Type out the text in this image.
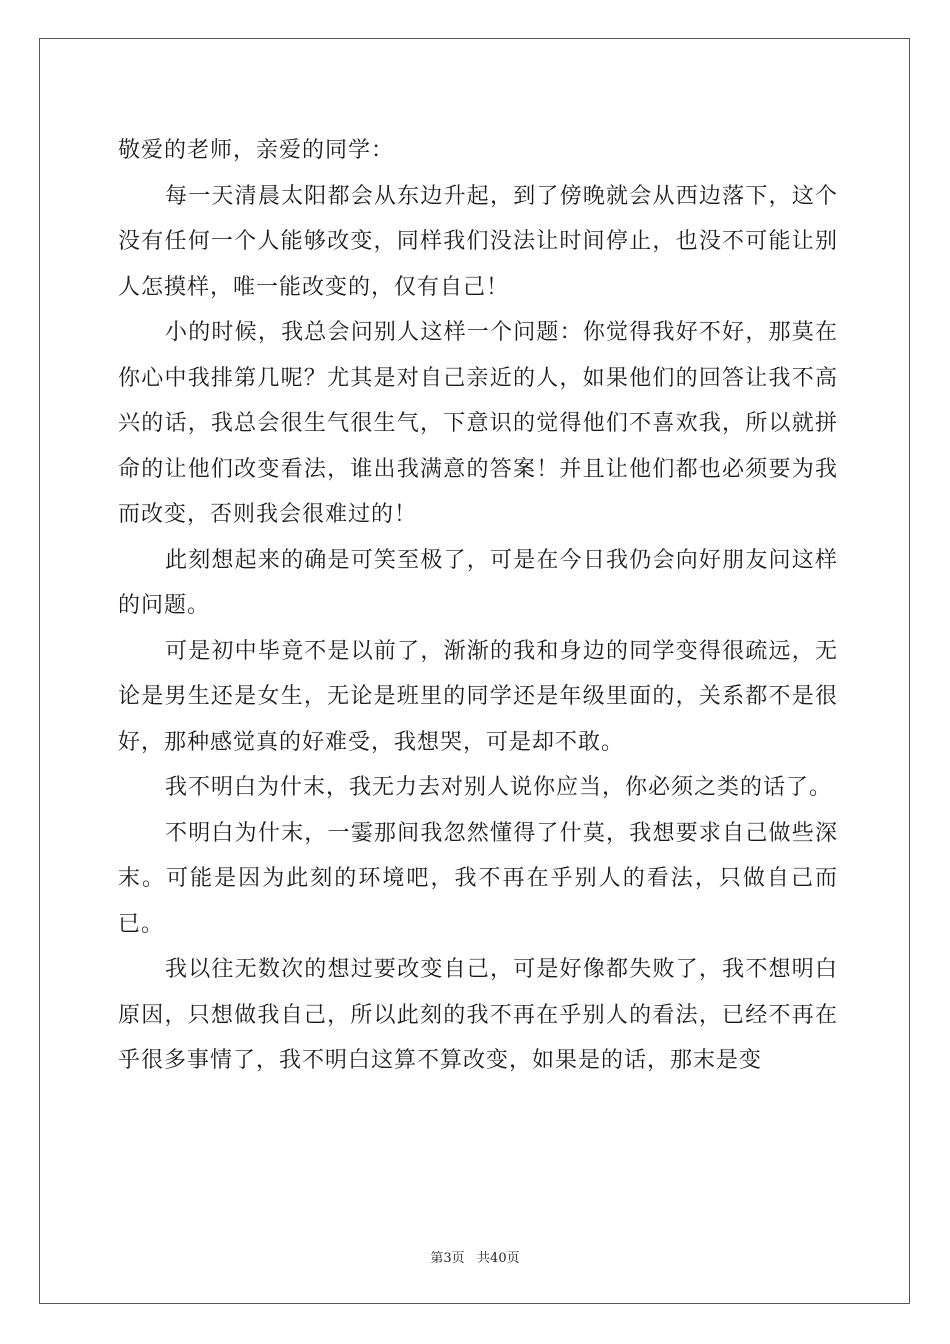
敬爱的老师，亲爱的同学：

每一天清晨太阳都会从东边升起，到了傍晚就会从西边落下，这个没有任何一个人能够改变，同样我们没法让时间停止，也没不可能让别人怎摸样，唯一能改变的，仅有自己！

小的时候，我总会问别人这样一个问题：你觉得我好不好，那莫在你心中我排第几呢？尤其是对自己亲近的人，如果他们的回答让我不高兴的话，我总会很生气很生气，下意识的觉得他们不喜欢我，所以就拼命的让他们改变看法，谁出我满意的答案！并且让他们都也必须要为我而改变，否则我会很难过的！

此刻想起来的确是可笑至极了，可是在今日我仍会向好朋友问这样的问题。

可是初中毕竟不是以前了，渐渐的我和身边的同学变得很疏远，无论是男生还是女生，无论是班里的同学还是年级里面的，关系都不是很好，那种感觉真的好难受，我想哭，可是却不敢。

我不明白为什末，我无力去对别人说你应当，你必须之类的话了。

不明白为什末，一霎那间我忽然懂得了什莫，我想要求自己做些深末。可能是因为此刻的环境吧，我不再在乎别人的看法，只做自己而已。

我以往无数次的想过要改变自己，可是好像都失败了，我不想明白原因，只想做我自己，所以此刻的我不再在乎别人的看法，已经不再在乎很多事情了，我不明白这算不算改变，如果是的话，那末是变

第3页   共40页
